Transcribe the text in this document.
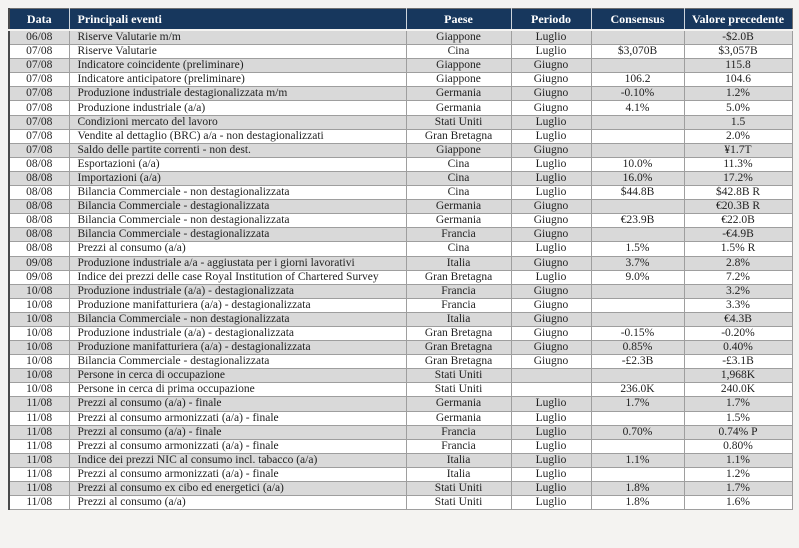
Data	Principali eventi	Paese	Periodo	Consensus	Valore precedente
06/08	Riserve Valutarie m/m	Giappone	Luglio		-$2.0B
07/08	Riserve Valutarie	Cina	Luglio	$3,070B	$3,057B
07/08	Indicatore coincidente (preliminare)	Giappone	Giugno		115.8
07/08	Indicatore anticipatore (preliminare)	Giappone	Giugno	106.2	104.6
07/08	Produzione industriale destagionalizzata m/m	Germania	Giugno	-0.10%	1.2%
07/08	Produzione industriale (a/a)	Germania	Giugno	4.1%	5.0%
07/08	Condizioni mercato del lavoro	Stati Uniti	Luglio		1.5
07/08	Vendite al dettaglio (BRC) a/a - non destagionalizzati	Gran Bretagna	Luglio		2.0%
07/08	Saldo delle partite correnti - non dest.	Giappone	Giugno		¥1.7T
08/08	Esportazioni (a/a)	Cina	Luglio	10.0%	11.3%
08/08	Importazioni (a/a)	Cina	Luglio	16.0%	17.2%
08/08	Bilancia Commerciale - non destagionalizzata	Cina	Luglio	$44.8B	$42.8B R
08/08	Bilancia Commerciale - destagionalizzata	Germania	Giugno		€20.3B R
08/08	Bilancia Commerciale - non destagionalizzata	Germania	Giugno	€23.9B	€22.0B
08/08	Bilancia Commerciale - destagionalizzata	Francia	Giugno		-€4.9B
08/08	Prezzi al consumo (a/a)	Cina	Luglio	1.5%	1.5% R
09/08	Produzione industriale a/a - aggiustata per i giorni lavorativi	Italia	Giugno	3.7%	2.8%
09/08	Indice dei prezzi delle case Royal Institution of Chartered Survey	Gran Bretagna	Luglio	9.0%	7.2%
10/08	Produzione industriale (a/a) - destagionalizzata	Francia	Giugno		3.2%
10/08	Produzione manifatturiera (a/a) - destagionalizzata	Francia	Giugno		3.3%
10/08	Bilancia Commerciale - non destagionalizzata	Italia	Giugno		€4.3B
10/08	Produzione industriale (a/a) - destagionalizzata	Gran Bretagna	Giugno	-0.15%	-0.20%
10/08	Produzione manifatturiera (a/a) - destagionalizzata	Gran Bretagna	Giugno	0.85%	0.40%
10/08	Bilancia Commerciale - destagionalizzata	Gran Bretagna	Giugno	-£2.3B	-£3.1B
10/08	Persone in cerca di occupazione	Stati Uniti			1,968K
10/08	Persone in cerca di prima occupazione	Stati Uniti		236.0K	240.0K
11/08	Prezzi al consumo (a/a) - finale	Germania	Luglio	1.7%	1.7%
11/08	Prezzi al consumo armonizzati (a/a) - finale	Germania	Luglio		1.5%
11/08	Prezzi al consumo (a/a) - finale	Francia	Luglio	0.70%	0.74% P
11/08	Prezzi al consumo armonizzati (a/a) - finale	Francia	Luglio		0.80%
11/08	Indice dei prezzi NIC al consumo incl. tabacco (a/a)	Italia	Luglio	1.1%	1.1%
11/08	Prezzi al consumo armonizzati (a/a) - finale	Italia	Luglio		1.2%
11/08	Prezzi al consumo ex cibo ed energetici (a/a)	Stati Uniti	Luglio	1.8%	1.7%
11/08	Prezzi al consumo (a/a)	Stati Uniti	Luglio	1.8%	1.6%
